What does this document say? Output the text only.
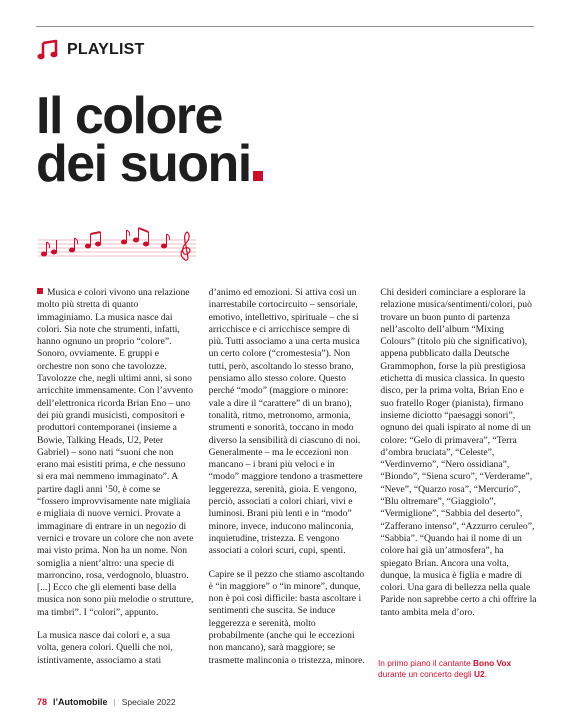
PLAYLIST
Il colore
dei suoni

Musica e colori vivono una relazione molto più stretta di quanto immaginiamo. La musica nasce dai colori. Sia note che strumenti, infatti, hanno ognuno un proprio “colore”. Sonoro, ovviamente. E gruppi e orchestre non sono che tavolozze. Tavolozze che, negli ultimi anni, si sono arricchite immensamente. Con l’avvento dell’elettronica ricorda Brian Eno – uno dei più grandi musicisti, compositori e produttori contemporanei (insieme a Bowie, Talking Heads, U2, Peter Gabriel) – sono nati “suoni che non erano mai esistiti prima, e che nessuno si era mai nemmeno immaginato”. A partire dagli anni ’50, è come se “fossero improvvisamente nate migliaia e migliaia di nuove vernici. Provate a immaginare di entrare in un negozio di vernici e trovare un colore che non avete mai visto prima. Non ha un nome. Non somiglia a nient’altro: una specie di marroncino, rosa, verdognolo, bluastro. [...] Ecco che gli elementi base della musica non sono più melodie o strutture, ma timbri”. I “colori”, appunto.

La musica nasce dai colori e, a sua volta, genera colori. Quelli che noi, istintivamente, associamo a stati d’animo ed emozioni. Si attiva così un inarrestabile cortocircuito – sensoriale, emotivo, intellettivo, spirituale – che si arricchisce e ci arricchisce sempre di più. Tutti associamo a una certa musica un certo colore (“cromestesia”). Non tutti, però, ascoltando lo stesso brano, pensiamo allo stesso colore. Questo perché “modo” (maggiore o minore: vale a dire il “carattere” di un brano), tonalità, ritmo, metronomo, armonia, strumenti e sonorità, toccano in modo diverso la sensibilità di ciascuno di noi. Generalmente – ma le eccezioni non mancano – i brani più veloci e in “modo” maggiore tendono a trasmettere leggerezza, serenità, gioia. E vengono, perciò, associati a colori chiari, vivi e luminosi. Brani più lenti e in “modo” minore, invece, inducono malinconia, inquietudine, tristezza. E vengono associati a colori scuri, cupi, spenti.

Capire se il pezzo che stiamo ascoltando è “in maggiore” o “in minore”, dunque, non è poi così difficile: basta ascoltare i sentimenti che suscita. Se induce leggerezza e serenità, molto probabilmente (anche qui le eccezioni non mancano), sarà maggiore; se trasmette malinconia o tristezza, minore. Chi desideri cominciare a esplorare la relazione musica/sentimenti/colori, può trovare un buon punto di partenza nell’ascolto dell’album “Mixing Colours” (titolo più che significativo), appena pubblicato dalla Deutsche Grammophon, forse la più prestigiosa etichetta di musica classica. In questo disco, per la prima volta, Brian Eno e suo fratello Roger (pianista), firmano insieme diciotto “paesaggi sonori”, ognuno dei quali ispirato al nome di un colore: “Gelo di primavera”, “Terra d’ombra bruciata”, “Celeste”, “Verdinverno”, “Nero ossidiana”, “Biondo”, “Siena scuro”, “Verderame”, “Neve”, “Quarzo rosa”, “Mercurio”, “Blu oltremare”, “Giaggiolo”, “Vermiglione”, “Sabbia del deserto”, “Zafferano intenso”, “Azzurro ceruleo”, “Sabbia”. “Quando hai il nome di un colore hai già un’atmosfera”, ha spiegato Brian. Ancora una volta, dunque, la musica è figlia e madre di colori. Una gara di bellezza nella quale Paride non saprebbe certo a chi offrire la tanto ambita mela d’oro.

In primo piano il cantante Bono Vox durante un concerto degli U2.
78 l’Automobile | Speciale 2022
